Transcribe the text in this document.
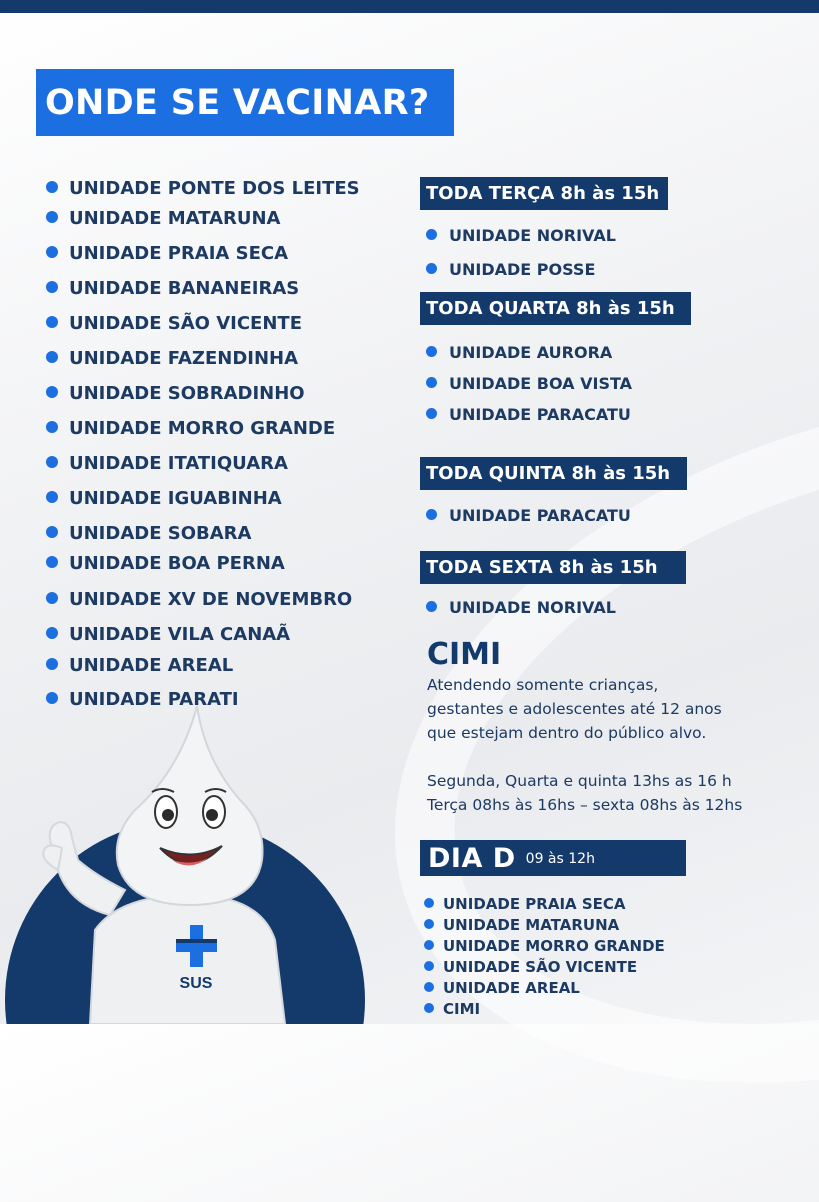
ONDE SE VACINAR?
UNIDADE PONTE DOS LEITES
UNIDADE MATARUNA
UNIDADE PRAIA SECA
UNIDADE BANANEIRAS
UNIDADE SÃO VICENTE
UNIDADE FAZENDINHA
UNIDADE SOBRADINHO
UNIDADE MORRO GRANDE
UNIDADE ITATIQUARA
UNIDADE IGUABINHA
UNIDADE SOBARA
UNIDADE BOA PERNA
UNIDADE XV DE NOVEMBRO
UNIDADE VILA CANAÃ
UNIDADE AREAL
UNIDADE PARATI
TODA TERÇA 8h às 15h
UNIDADE NORIVAL
UNIDADE POSSE
TODA QUARTA 8h às 15h
UNIDADE AURORA
UNIDADE BOA VISTA
UNIDADE PARACATU
TODA QUINTA 8h às 15h
UNIDADE PARACATU
TODA SEXTA 8h às 15h
UNIDADE NORIVAL
CIMI
Atendendo somente crianças,
gestantes e adolescentes até 12 anos
que estejam dentro do público alvo.
Segunda, Quarta e quinta 13hs as 16 h
Terça 08hs às 16hs – sexta 08hs às 12hs
DIA D 09 às 12h
UNIDADE PRAIA SECA
UNIDADE MATARUNA
UNIDADE MORRO GRANDE
UNIDADE SÃO VICENTE
UNIDADE AREAL
CIMI
SUS
